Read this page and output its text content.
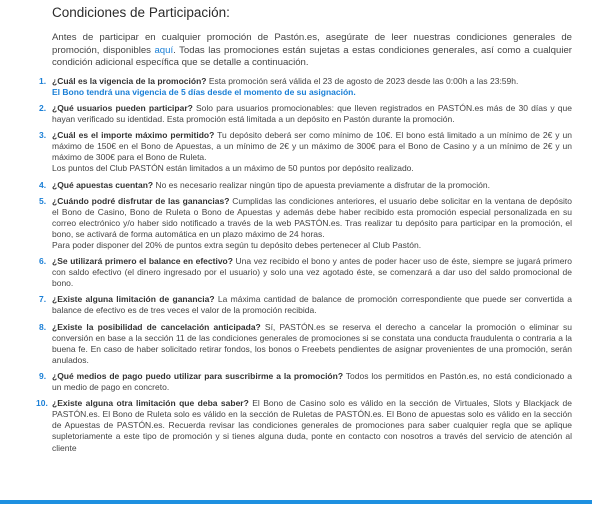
Condiciones de Participación:

Antes de participar en cualquier promoción de Pastón.es, asegúrate de leer nuestras condiciones generales de promoción, disponibles aquí. Todas las promociones están sujetas a estas condiciones generales, así como a cualquier condición adicional específica que se detalle a continuación.

1. ¿Cuál es la vigencia de la promoción? Esta promoción será válida el 23 de agosto de 2023 desde las 0:00h a las 23:59h.
El Bono tendrá una vigencia de 5 días desde el momento de su asignación.
2. ¿Qué usuarios pueden participar? Solo para usuarios promocionables: que lleven registrados en PASTÓN.es más de 30 días y que hayan verificado su identidad. Esta promoción está limitada a un depósito en Pastón durante la promoción.
3. ¿Cuál es el importe máximo permitido? Tu depósito deberá ser como mínimo de 10€. El bono está limitado a un mínimo de 2€ y un máximo de 150€ en el Bono de Apuestas, a un mínimo de 2€ y un máximo de 300€ para el Bono de Casino y a un mínimo de 2€ y un máximo de 300€ para el Bono de Ruleta.
Los puntos del Club PASTÓN están limitados a un máximo de 50 puntos por depósito realizado.
4. ¿Qué apuestas cuentan? No es necesario realizar ningún tipo de apuesta previamente a disfrutar de la promoción.
5. ¿Cuándo podré disfrutar de las ganancias? Cumplidas las condiciones anteriores, el usuario debe solicitar en la ventana de depósito el Bono de Casino, Bono de Ruleta o Bono de Apuestas y además debe haber recibido esta promoción especial personalizada en su correo electrónico y/o haber sido notificado a través de la web PASTÓN.es. Tras realizar tu depósito para participar en la promoción, el bono, se activará de forma automática en un plazo máximo de 24 horas.
Para poder disponer del 20% de puntos extra según tu depósito debes pertenecer al Club Pastón.
6. ¿Se utilizará primero el balance en efectivo? Una vez recibido el bono y antes de poder hacer uso de éste, siempre se jugará primero con saldo efectivo (el dinero ingresado por el usuario) y solo una vez agotado éste, se comenzará a dar uso del saldo promocional de bono.
7. ¿Existe alguna limitación de ganancia? La máxima cantidad de balance de promoción correspondiente que puede ser convertida a balance de efectivo es de tres veces el valor de la promoción recibida.
8. ¿Existe la posibilidad de cancelación anticipada? Sí, PASTÓN.es se reserva el derecho a cancelar la promoción o eliminar su conversión en base a la sección 11 de las condiciones generales de promociones si se constata una conducta fraudulenta o contraria a la buena fe. En caso de haber solicitado retirar fondos, los bonos o Freebets pendientes de asignar provenientes de una promoción, serán anulados.
9. ¿Qué medios de pago puedo utilizar para suscribirme a la promoción? Todos los permitidos en Pastón.es, no está condicionado a un medio de pago en concreto.
10. ¿Existe alguna otra limitación que deba saber? El Bono de Casino solo es válido en la sección de Virtuales, Slots y Blackjack de PASTÓN.es. El Bono de Ruleta solo es válido en la sección de Ruletas de PASTÓN.es. El Bono de apuestas solo es válido en la sección de Apuestas de PASTÓN.es. Recuerda revisar las condiciones generales de promociones para saber cualquier regla que se aplique supletoriamente a este tipo de promoción y si tienes alguna duda, ponte en contacto con nosotros a través del servicio de atención al cliente
